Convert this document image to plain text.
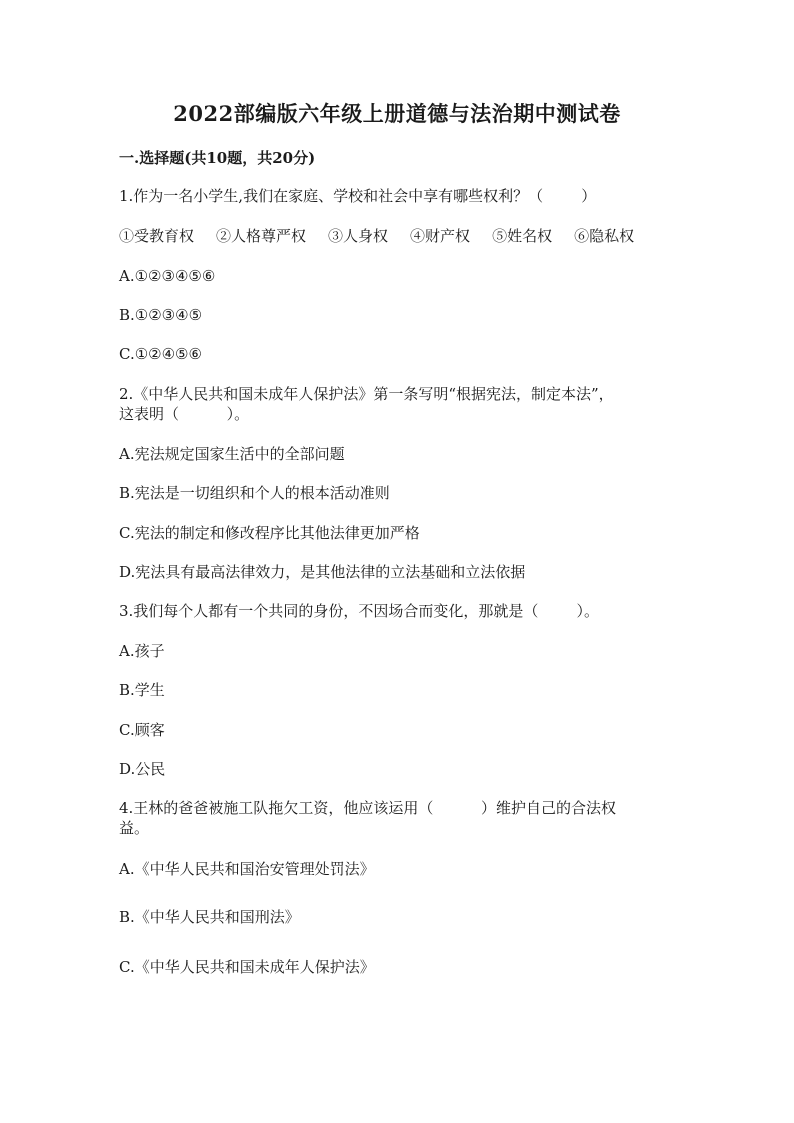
2022部编版六年级上册道德与法治期中测试卷
一.选择题(共10题，共20分)
1.作为一名小学生,我们在家庭、学校和社会中享有哪些权利？（        ）
①受教育权 ②人格尊严权 ③人身权 ④财产权 ⑤姓名权 ⑥隐私权
A.①②③④⑤⑥
B.①②③④⑤
C.①②④⑤⑥
2.《中华人民共和国未成年人保护法》第一条写明“根据宪法，制定本法”，
这表明（          ）。
A.宪法规定国家生活中的全部问题
B.宪法是一切组织和个人的根本活动准则
C.宪法的制定和修改程序比其他法律更加严格
D.宪法具有最高法律效力，是其他法律的立法基础和立法依据
3.我们每个人都有一个共同的身份，不因场合而变化，那就是（        ）。
A.孩子
B.学生
C.顾客
D.公民
4.王林的爸爸被施工队拖欠工资，他应该运用（          ）维护自己的合法权
益。
A.《中华人民共和国治安管理处罚法》
B.《中华人民共和国刑法》
C.《中华人民共和国未成年人保护法》
